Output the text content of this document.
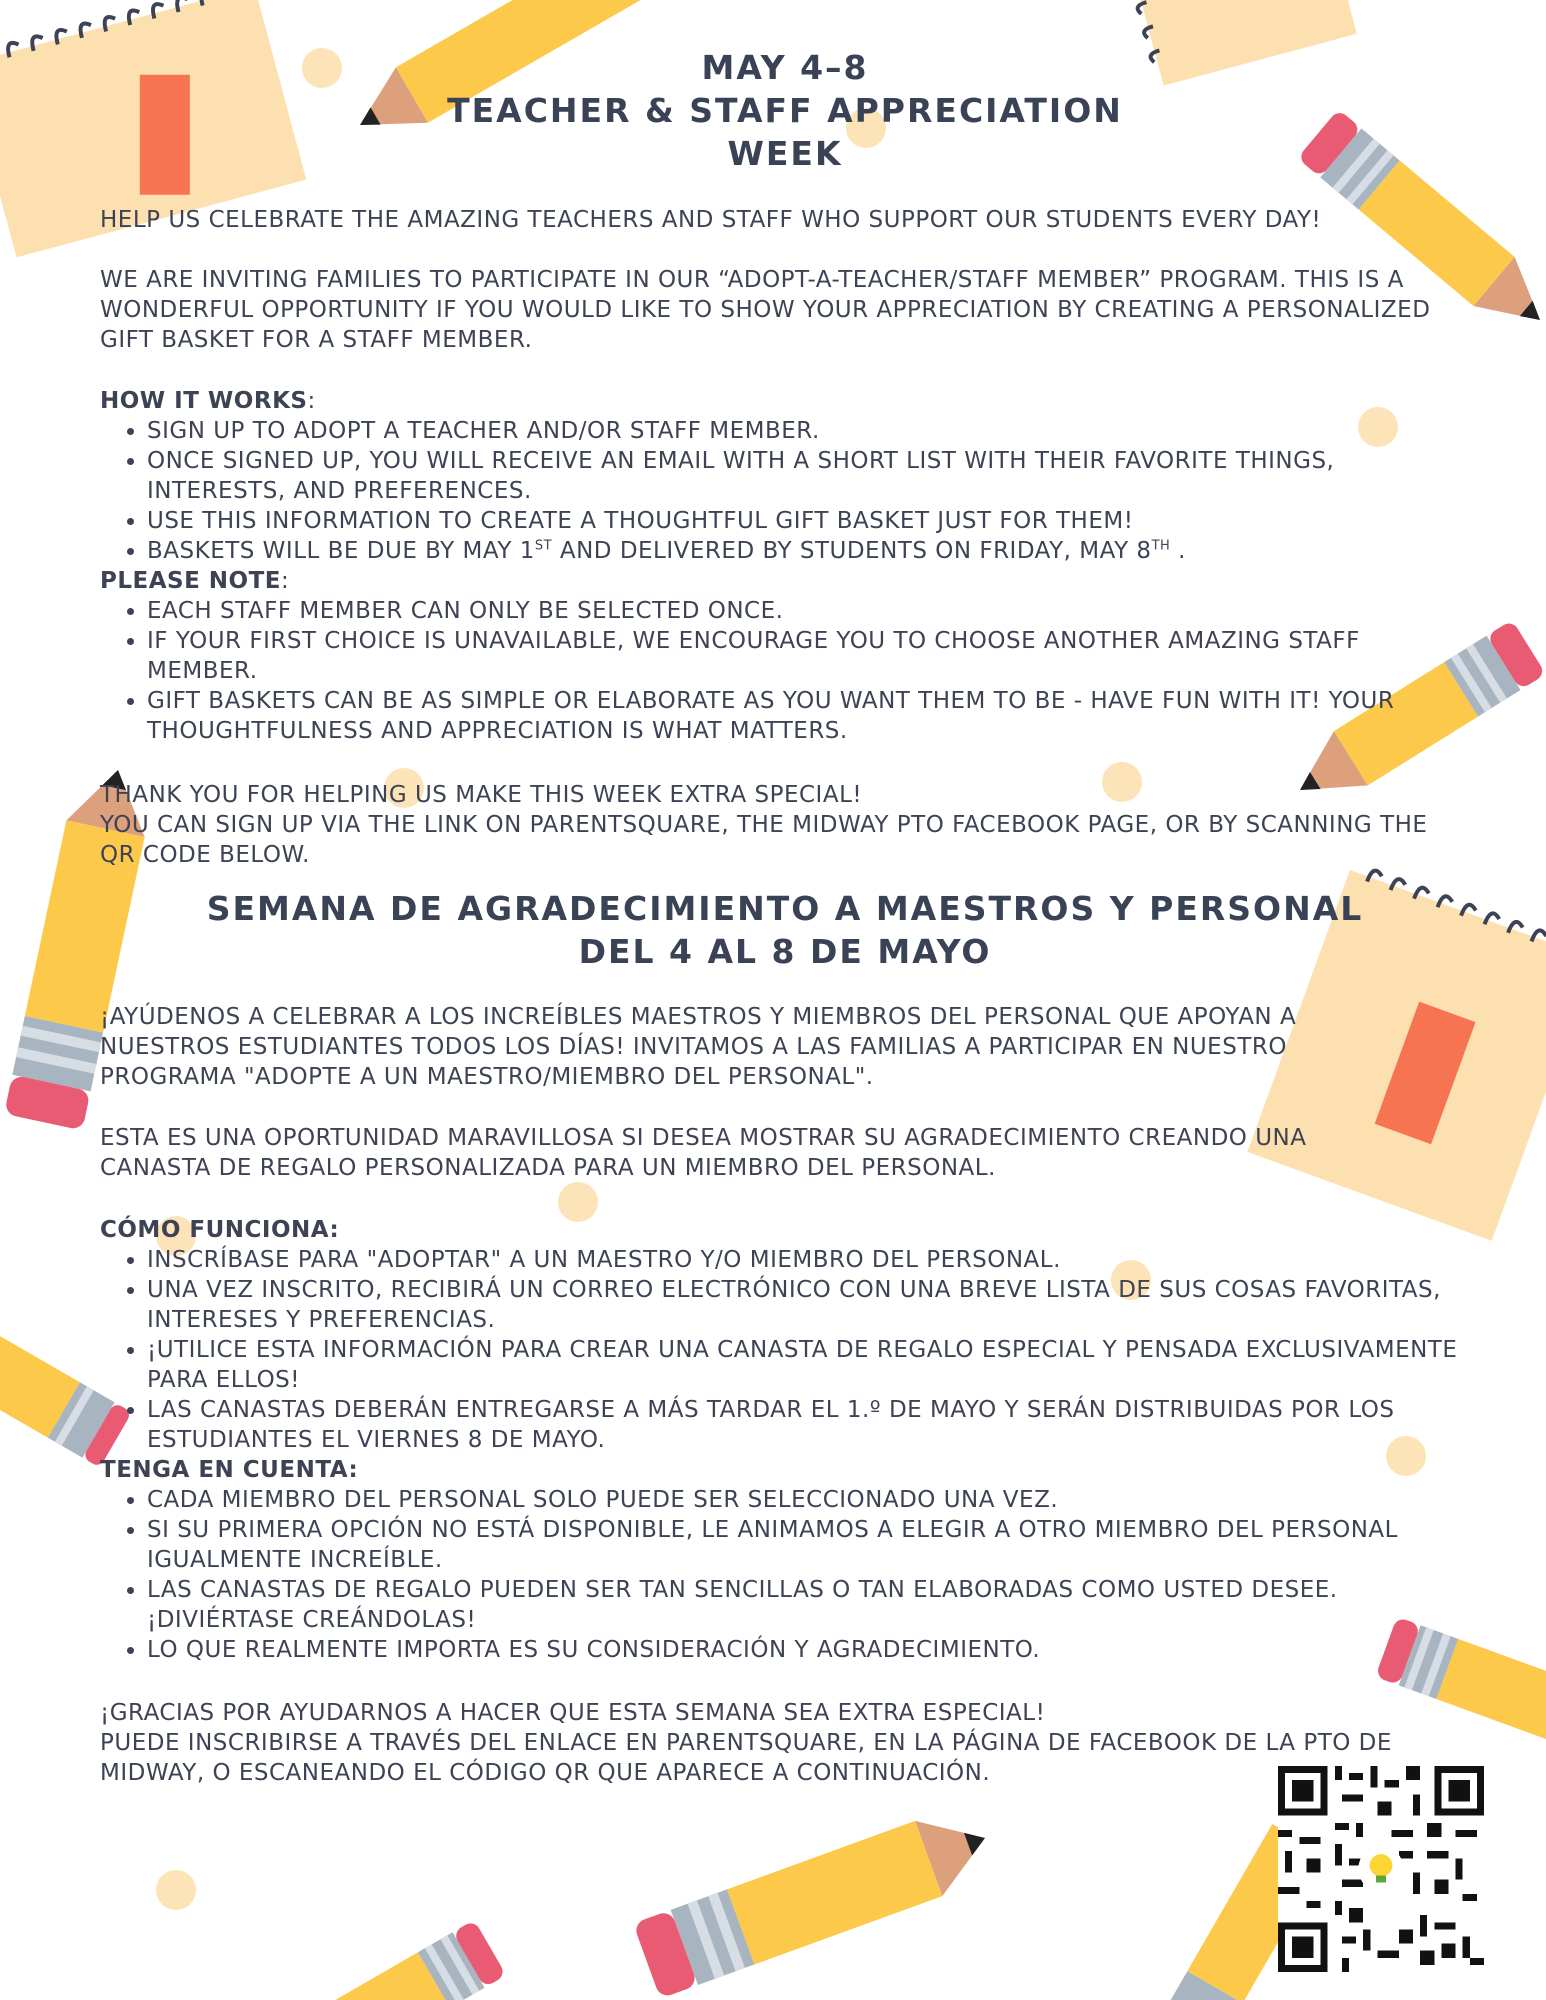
MAY 4–8
TEACHER & STAFF APPRECIATION
WEEK

HELP US CELEBRATE THE AMAZING TEACHERS AND STAFF WHO SUPPORT OUR STUDENTS EVERY DAY!

WE ARE INVITING FAMILIES TO PARTICIPATE IN OUR “ADOPT-A-TEACHER/STAFF MEMBER” PROGRAM. THIS IS A WONDERFUL OPPORTUNITY IF YOU WOULD LIKE TO SHOW YOUR APPRECIATION BY CREATING A PERSONALIZED GIFT BASKET FOR A STAFF MEMBER.

HOW IT WORKS:

• SIGN UP TO ADOPT A TEACHER AND/OR STAFF MEMBER.
• ONCE SIGNED UP, YOU WILL RECEIVE AN EMAIL WITH A SHORT LIST WITH THEIR FAVORITE THINGS, INTERESTS, AND PREFERENCES.
• USE THIS INFORMATION TO CREATE A THOUGHTFUL GIFT BASKET JUST FOR THEM!
• BASKETS WILL BE DUE BY MAY 1ST AND DELIVERED BY STUDENTS ON FRIDAY, MAY 8TH .

PLEASE NOTE:

• EACH STAFF MEMBER CAN ONLY BE SELECTED ONCE.
• IF YOUR FIRST CHOICE IS UNAVAILABLE, WE ENCOURAGE YOU TO CHOOSE ANOTHER AMAZING STAFF MEMBER.
• GIFT BASKETS CAN BE AS SIMPLE OR ELABORATE AS YOU WANT THEM TO BE - HAVE FUN WITH IT! YOUR THOUGHTFULNESS AND APPRECIATION IS WHAT MATTERS.

THANK YOU FOR HELPING US MAKE THIS WEEK EXTRA SPECIAL!

YOU CAN SIGN UP VIA THE LINK ON PARENTSQUARE, THE MIDWAY PTO FACEBOOK PAGE, OR BY SCANNING THE QR CODE BELOW.

SEMANA DE AGRADECIMIENTO A MAESTROS Y PERSONAL
DEL 4 AL 8 DE MAYO

¡AYÚDENOS A CELEBRAR A LOS INCREÍBLES MAESTROS Y MIEMBROS DEL PERSONAL QUE APOYAN A NUESTROS ESTUDIANTES TODOS LOS DÍAS! INVITAMOS A LAS FAMILIAS A PARTICIPAR EN NUESTRO PROGRAMA "ADOPTE A UN MAESTRO/MIEMBRO DEL PERSONAL".

ESTA ES UNA OPORTUNIDAD MARAVILLOSA SI DESEA MOSTRAR SU AGRADECIMIENTO CREANDO UNA CANASTA DE REGALO PERSONALIZADA PARA UN MIEMBRO DEL PERSONAL.

CÓMO FUNCIONA:

• INSCRÍBASE PARA "ADOPTAR" A UN MAESTRO Y/O MIEMBRO DEL PERSONAL.
• UNA VEZ INSCRITO, RECIBIRÁ UN CORREO ELECTRÓNICO CON UNA BREVE LISTA DE SUS COSAS FAVORITAS, INTERESES Y PREFERENCIAS.
• ¡UTILICE ESTA INFORMACIÓN PARA CREAR UNA CANASTA DE REGALO ESPECIAL Y PENSADA EXCLUSIVAMENTE PARA ELLOS!
• LAS CANASTAS DEBERÁN ENTREGARSE A MÁS TARDAR EL 1.º DE MAYO Y SERÁN DISTRIBUIDAS POR LOS ESTUDIANTES EL VIERNES 8 DE MAYO.

TENGA EN CUENTA:

• CADA MIEMBRO DEL PERSONAL SOLO PUEDE SER SELECCIONADO UNA VEZ.
• SI SU PRIMERA OPCIÓN NO ESTÁ DISPONIBLE, LE ANIMAMOS A ELEGIR A OTRO MIEMBRO DEL PERSONAL IGUALMENTE INCREÍBLE.
• LAS CANASTAS DE REGALO PUEDEN SER TAN SENCILLAS O TAN ELABORADAS COMO USTED DESEE. ¡DIVIÉRTASE CREÁNDOLAS!
• LO QUE REALMENTE IMPORTA ES SU CONSIDERACIÓN Y AGRADECIMIENTO.

¡GRACIAS POR AYUDARNOS A HACER QUE ESTA SEMANA SEA EXTRA ESPECIAL!

PUEDE INSCRIBIRSE A TRAVÉS DEL ENLACE EN PARENTSQUARE, EN LA PÁGINA DE FACEBOOK DE LA PTO DE MIDWAY, O ESCANEANDO EL CÓDIGO QR QUE APARECE A CONTINUACIÓN.
